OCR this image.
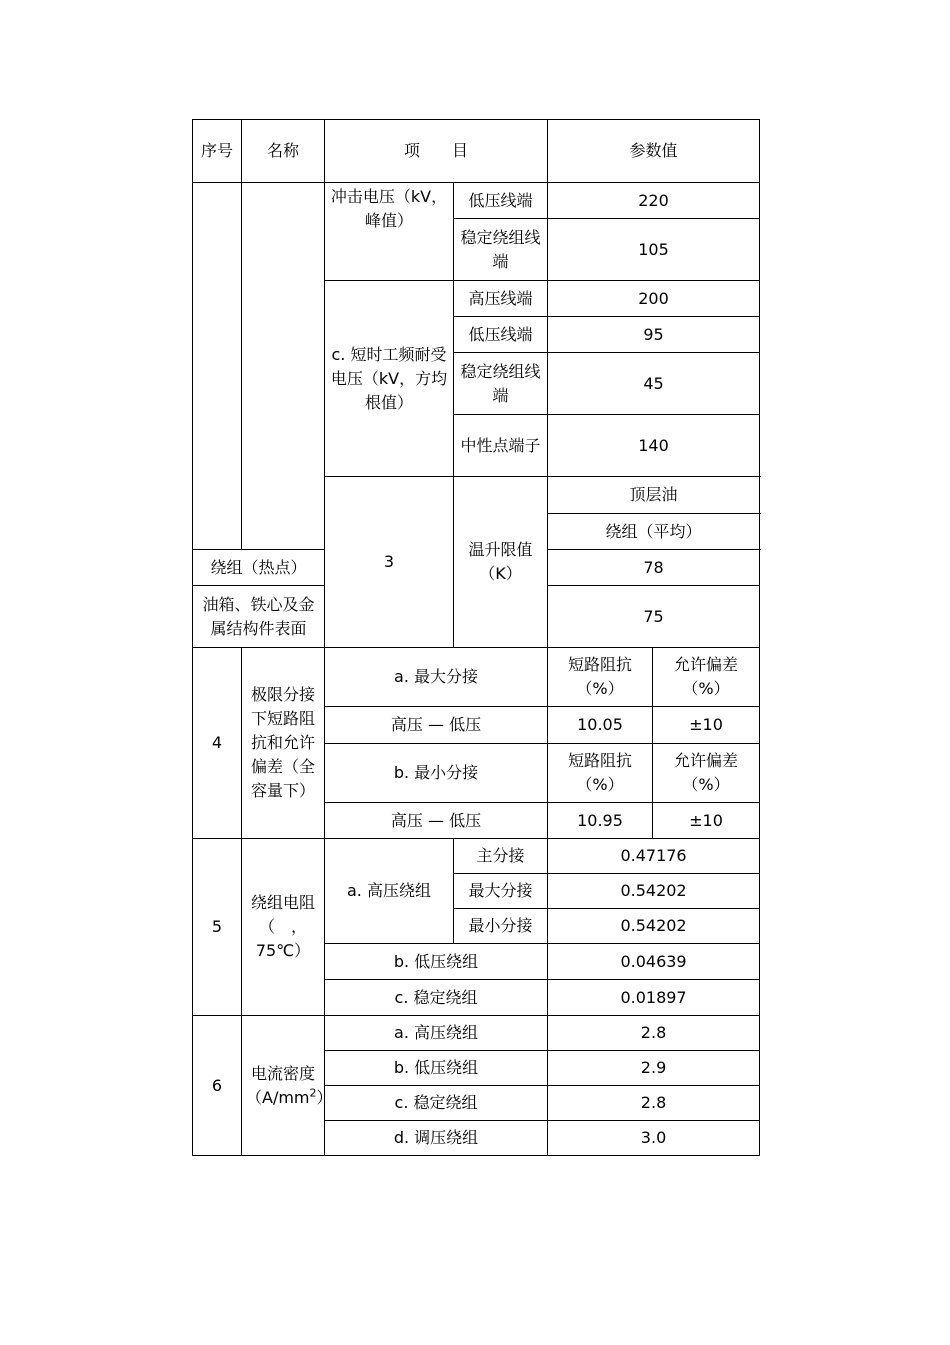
序号	名称	项　　目		参数值		
		冲击电压（kV，峰值）	低压线端	220		
			稳定绕组线端	105		
		c. 短时工频耐受电压（kV，方均根值）	高压线端	200		
			低压线端	95		
			稳定绕组线端	45		
			中性点端子	140		
		3	温升限值（K）	顶层油	
				绕组（平均）	
绕组（热点）				78		
油箱、铁心及金属结构件表面				75		
4	极限分接下短路阻抗和允许偏差（全容量下）	a. 最大分接		短路阻抗（%）	允许偏差（%）	
		高压 — 低压		10.05	±10	
		b. 最小分接		短路阻抗（%）	允许偏差（%）	
		高压 — 低压		10.95	±10	
5	绕组电阻（　，75℃）	a. 高压绕组	主分接	0.47176		
			最大分接	0.54202		
			最小分接	0.54202		
		b. 低压绕组		0.04639		
		c. 稳定绕组		0.01897		
6	电流密度$(A/mm^2)$	a. 高压绕组		2.8		
		b. 低压绕组		2.9		
		c. 稳定绕组		2.8		
		d. 调压绕组		3.0		
